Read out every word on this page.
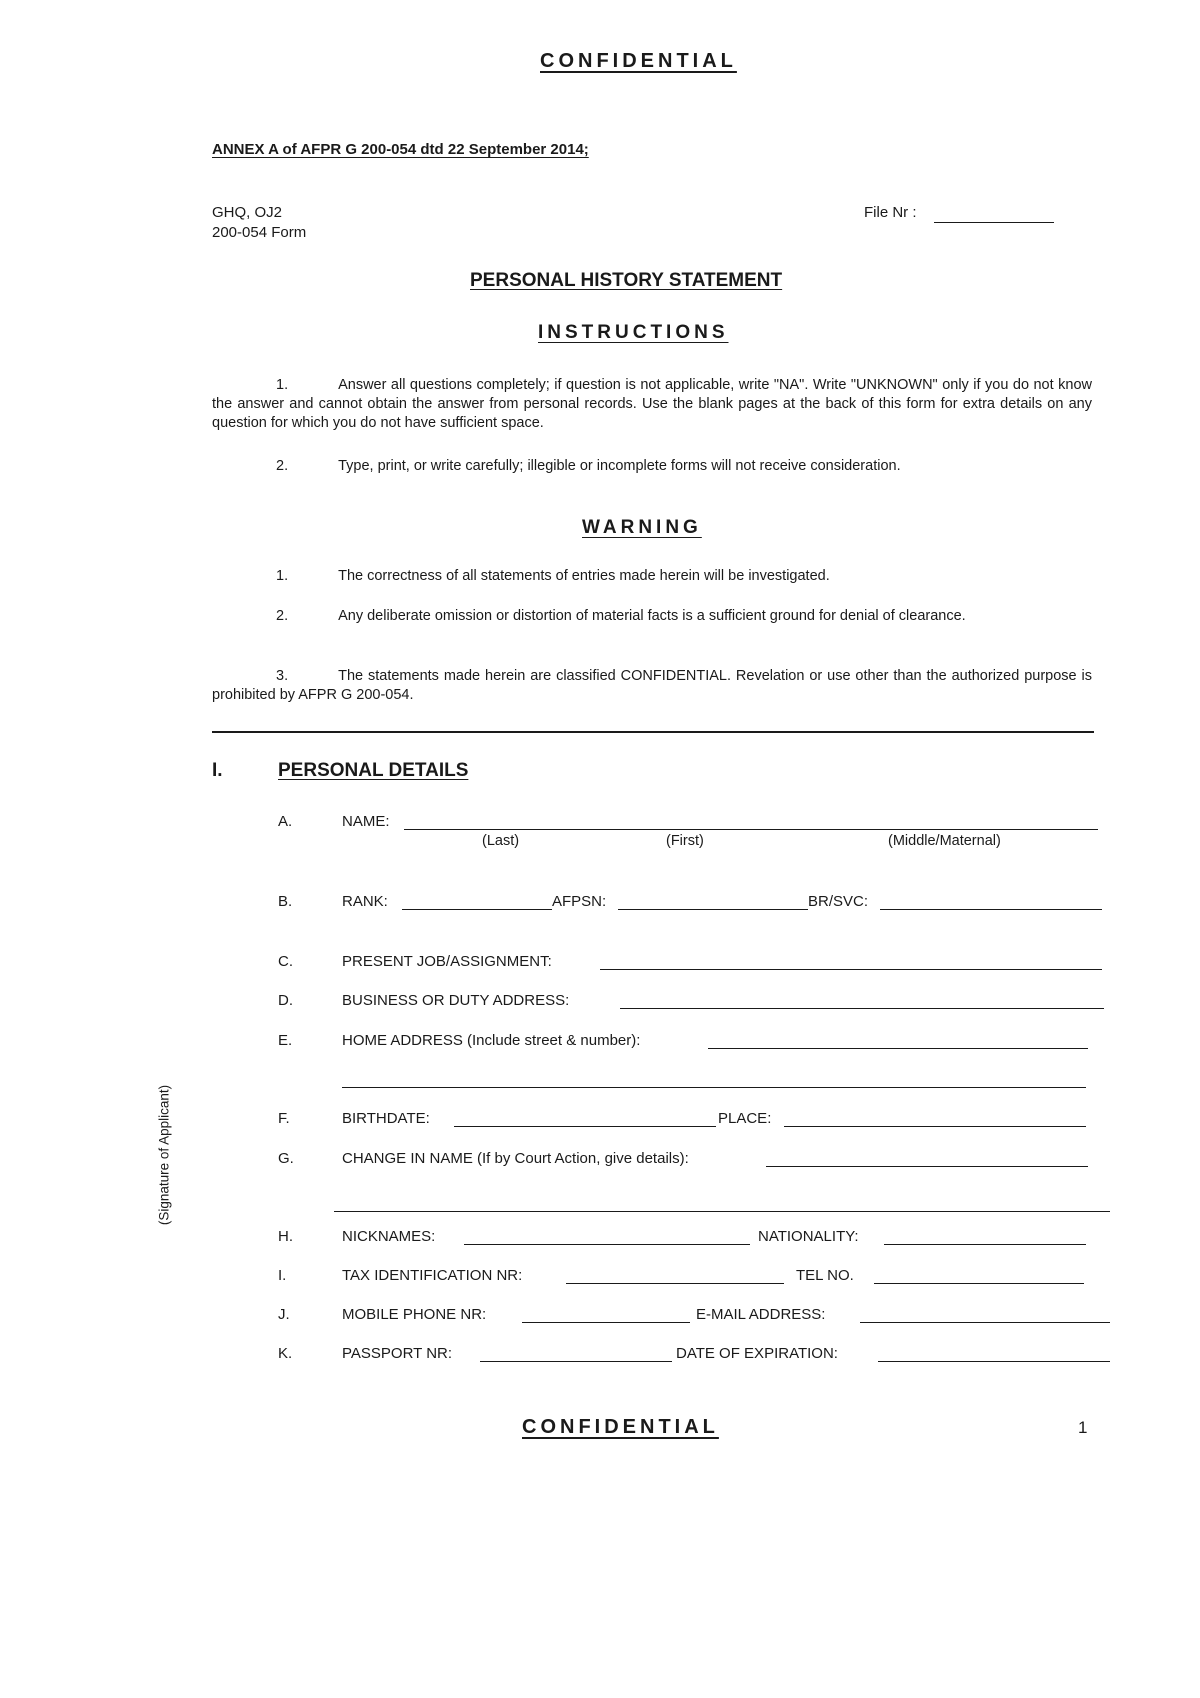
CONFIDENTIAL
ANNEX A of AFPR G 200-054 dtd 22 September 2014;
GHQ, OJ2
200-054 Form
File Nr :
PERSONAL HISTORY STATEMENT
INSTRUCTIONS
1.	Answer all questions completely; if question is not applicable, write "NA". Write "UNKNOWN" only if you do not know the answer and cannot obtain the answer from personal records. Use the blank pages at the back of this form for extra details on any question for which you do not have sufficient space.
2.	Type, print, or write carefully; illegible or incomplete forms will not receive consideration.
WARNING
1.	The correctness of all statements of entries made herein will be investigated.
2.	Any deliberate omission or distortion of material facts is a sufficient ground for denial of clearance.
3.	The statements made herein are classified CONFIDENTIAL. Revelation or use other than the authorized purpose is prohibited by AFPR G 200-054.
I.	PERSONAL DETAILS
A.	NAME:
(Last)	(First)	(Middle/Maternal)
B.	RANK:	AFPSN:	BR/SVC:
C.	PRESENT JOB/ASSIGNMENT:
D.	BUSINESS OR DUTY ADDRESS:
E.	HOME ADDRESS (Include street & number):
F.	BIRTHDATE:	PLACE:
G.	CHANGE IN NAME (If by Court Action, give details):
H.	NICKNAMES:	NATIONALITY:
I.	TAX IDENTIFICATION NR:	TEL NO.
J.	MOBILE PHONE NR:	E-MAIL ADDRESS:
K.	PASSPORT NR:	DATE OF EXPIRATION:
(Signature of Applicant)
CONFIDENTIAL	1
